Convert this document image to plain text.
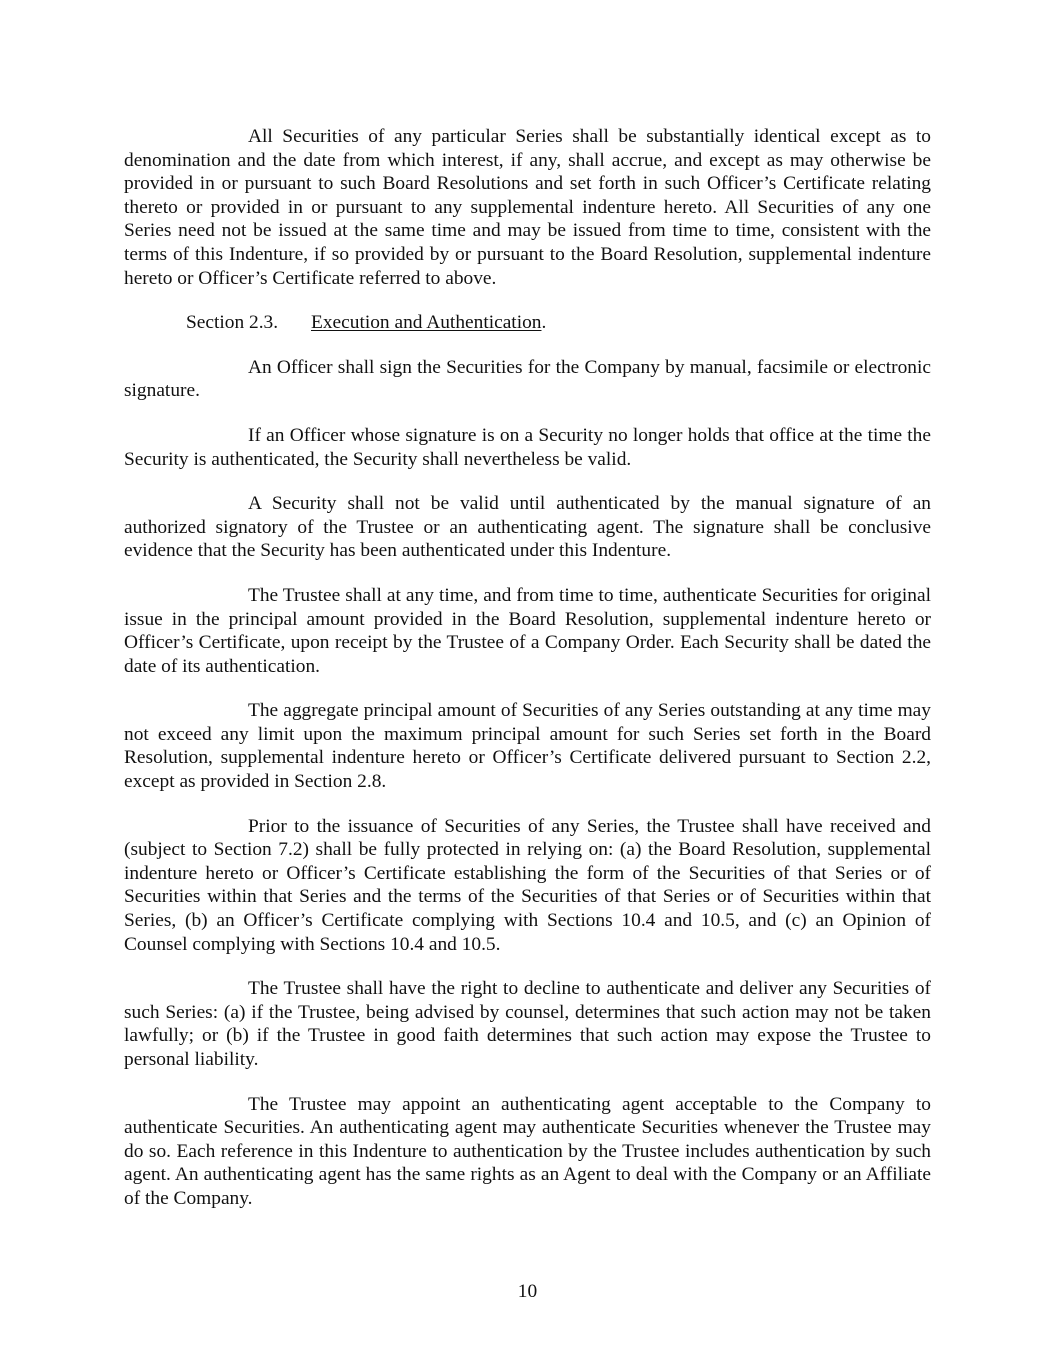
All Securities of any particular Series shall be substantially identical except as to denomination and the date from which interest, if any, shall accrue, and except as may otherwise be provided in or pursuant to such Board Resolutions and set forth in such Officer’s Certificate relating thereto or provided in or pursuant to any supplemental indenture hereto. All Securities of any one Series need not be issued at the same time and may be issued from time to time, consistent with the terms of this Indenture, if so provided by or pursuant to the Board Resolution, supplemental indenture hereto or Officer’s Certificate referred to above.

Section 2.3. Execution and Authentication.

An Officer shall sign the Securities for the Company by manual, facsimile or electronic signature.

If an Officer whose signature is on a Security no longer holds that office at the time the Security is authenticated, the Security shall nevertheless be valid.

A Security shall not be valid until authenticated by the manual signature of an authorized signatory of the Trustee or an authenticating agent. The signature shall be conclusive evidence that the Security has been authenticated under this Indenture.

The Trustee shall at any time, and from time to time, authenticate Securities for original issue in the principal amount provided in the Board Resolution, supplemental indenture hereto or Officer’s Certificate, upon receipt by the Trustee of a Company Order. Each Security shall be dated the date of its authentication.

The aggregate principal amount of Securities of any Series outstanding at any time may not exceed any limit upon the maximum principal amount for such Series set forth in the Board Resolution, supplemental indenture hereto or Officer’s Certificate delivered pursuant to Section 2.2, except as provided in Section 2.8.

Prior to the issuance of Securities of any Series, the Trustee shall have received and (subject to Section 7.2) shall be fully protected in relying on: (a) the Board Resolution, supplemental indenture hereto or Officer’s Certificate establishing the form of the Securities of that Series or of Securities within that Series and the terms of the Securities of that Series or of Securities within that Series, (b) an Officer’s Certificate complying with Sections 10.4 and 10.5, and (c) an Opinion of Counsel complying with Sections 10.4 and 10.5.

The Trustee shall have the right to decline to authenticate and deliver any Securities of such Series: (a) if the Trustee, being advised by counsel, determines that such action may not be taken lawfully; or (b) if the Trustee in good faith determines that such action may expose the Trustee to personal liability.

The Trustee may appoint an authenticating agent acceptable to the Company to authenticate Securities. An authenticating agent may authenticate Securities whenever the Trustee may do so. Each reference in this Indenture to authentication by the Trustee includes authentication by such agent. An authenticating agent has the same rights as an Agent to deal with the Company or an Affiliate of the Company.

10
